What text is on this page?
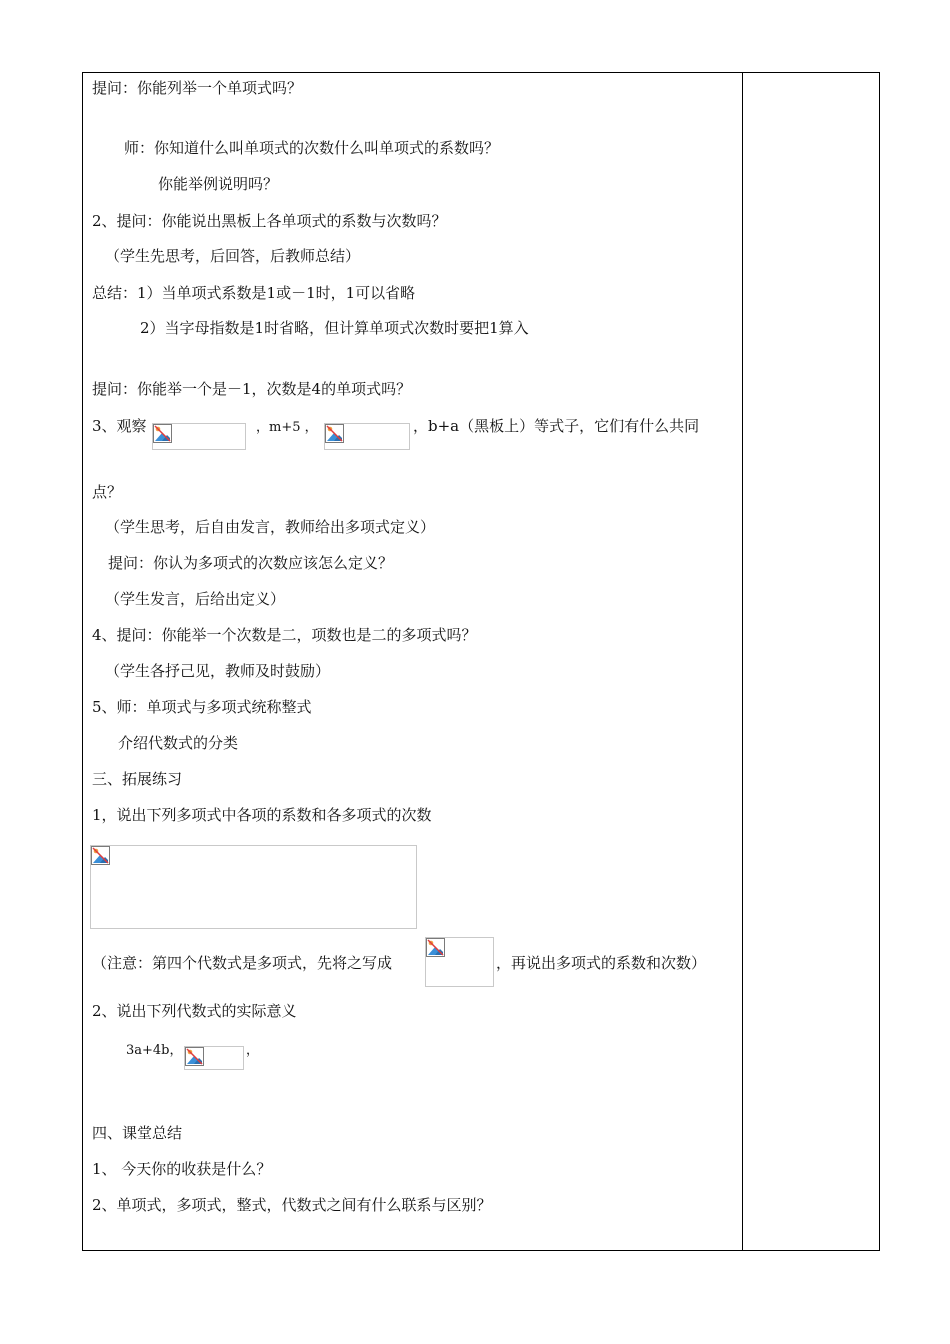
提问：你能列举一个单项式吗？
师：你知道什么叫单项式的次数什么叫单项式的系数吗？
你能举例说明吗？
2、提问：你能说出黑板上各单项式的系数与次数吗？
（学生先思考，后回答，后教师总结）
总结：1）当单项式系数是1或－1时，1可以省略
2）当字母指数是1时省略，但计算单项式次数时要把1算入
提问：你能举一个是－1，次数是4的单项式吗？
3、观察	，m+5 ，	，b+a（黑板上）等式子，它们有什么共同
点？
（学生思考，后自由发言，教师给出多项式定义）
提问：你认为多项式的次数应该怎么定义？
（学生发言，后给出定义）
4、提问：你能举一个次数是二，项数也是二的多项式吗？
（学生各抒己见，教师及时鼓励）
5、师：单项式与多项式统称整式
介绍代数式的分类
三、拓展练习
1，说出下列多项式中各项的系数和各多项式的次数
（注意：第四个代数式是多项式，先将之写成	，再说出多项式的系数和次数）
2、说出下列代数式的实际意义
3a+4b，	，
四、课堂总结
1、 今天你的收获是什么？
2、单项式，多项式，整式，代数式之间有什么联系与区别？
